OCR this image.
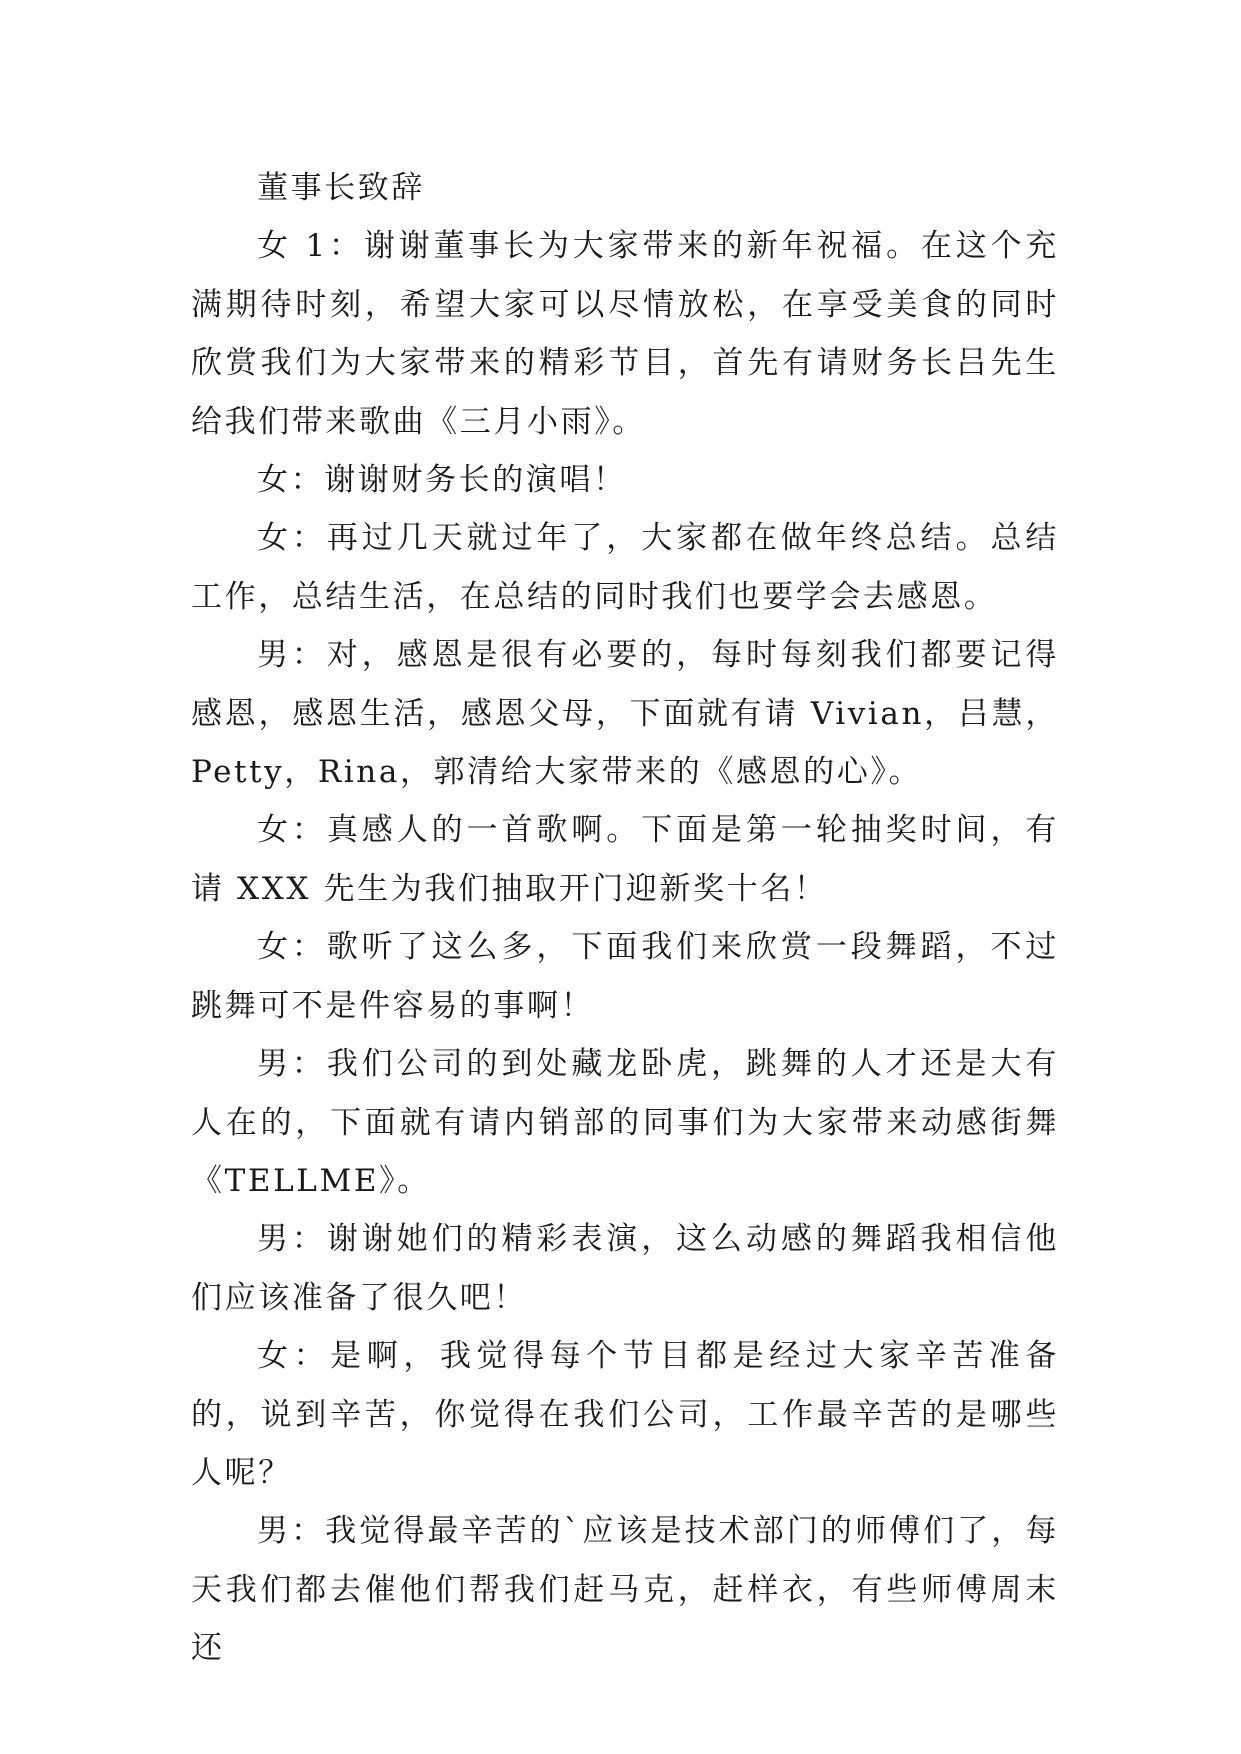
董事长致辞

女 1：谢谢董事长为大家带来的新年祝福。在这个充满期待时刻，希望大家可以尽情放松，在享受美食的同时欣赏我们为大家带来的精彩节目，首先有请财务长吕先生给我们带来歌曲《三月小雨》。

女：谢谢财务长的演唱！

女：再过几天就过年了，大家都在做年终总结。总结工作，总结生活，在总结的同时我们也要学会去感恩。

男：对，感恩是很有必要的，每时每刻我们都要记得感恩，感恩生活，感恩父母，下面就有请 Vivian，吕慧，Petty，Rina，郭清给大家带来的《感恩的心》。

女：真感人的一首歌啊。下面是第一轮抽奖时间，有请 XXX 先生为我们抽取开门迎新奖十名！

女：歌听了这么多，下面我们来欣赏一段舞蹈，不过跳舞可不是件容易的事啊！

男：我们公司的到处藏龙卧虎，跳舞的人才还是大有人在的，下面就有请内销部的同事们为大家带来动感街舞《TELLME》。

男：谢谢她们的精彩表演，这么动感的舞蹈我相信他们应该准备了很久吧！

女：是啊，我觉得每个节目都是经过大家辛苦准备的，说到辛苦，你觉得在我们公司，工作最辛苦的是哪些人呢？

男：我觉得最辛苦的`应该是技术部门的师傅们了，每天我们都去催他们帮我们赶马克，赶样衣，有些师傅周末还
